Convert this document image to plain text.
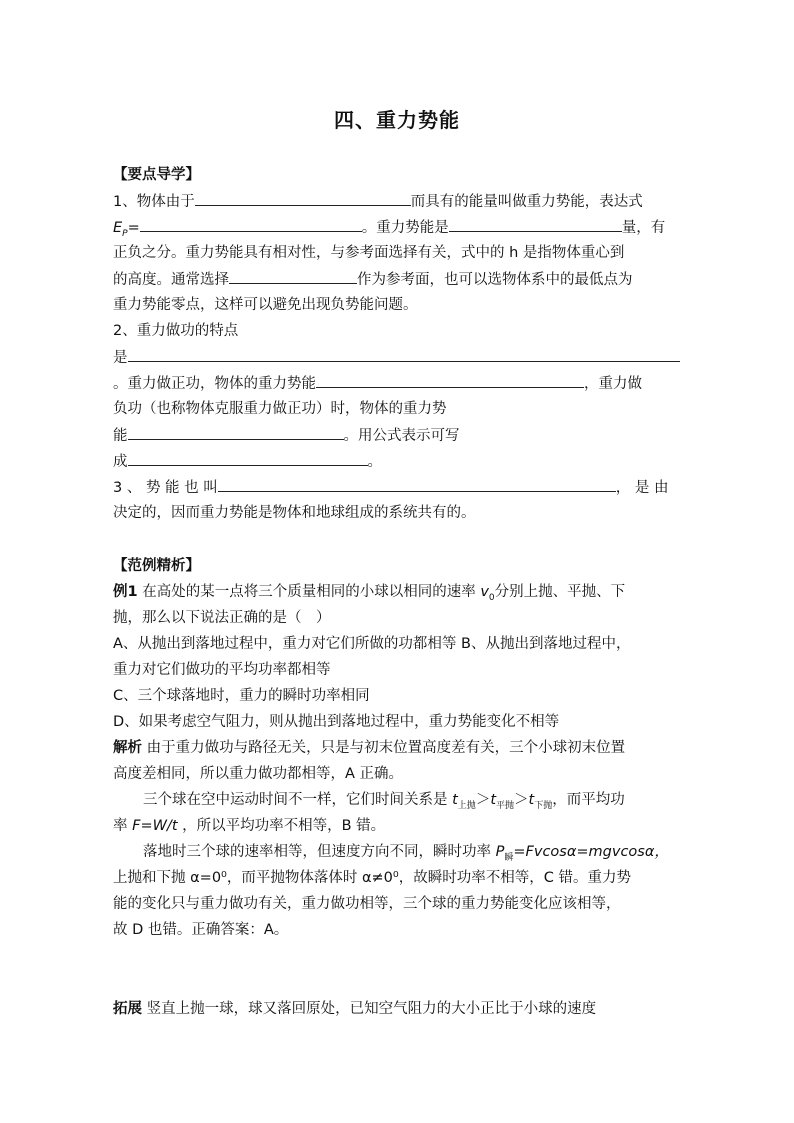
四、重力势能
【要点导学】
1、物体由于	而具有的能量叫做重力势能，表达式
$E_P=$	。重力势能是	量，有
正负之分。重力势能具有相对性，与参考面选择有关，式中的 h 是指物体重心到
的高度。通常选择	作为参考面，也可以选物体系中的最低点为
重力势能零点，这样可以避免出现负势能问题。
2、重力做功的特点
是
。重力做正功，物体的重力势能	，重力做
负功（也称物体克服重力做正功）时，物体的重力势
能	。用公式表示可写
成	。
3 、 势 能 也 叫	， 是 由
决定的，因而重力势能是物体和地球组成的系统共有的。
【范例精析】
例1 在高处的某一点将三个质量相同的小球以相同的速率 $v_0$分别上抛、平抛、下
抛，那么以下说法正确的是（　）
A、从抛出到落地过程中，重力对它们所做的功都相等 B、从抛出到落地过程中，
重力对它们做功的平均功率都相等
C、三个球落地时，重力的瞬时功率相同
D、如果考虑空气阻力，则从抛出到落地过程中，重力势能变化不相等
解析 由于重力做功与路径无关，只是与初末位置高度差有关，三个小球初末位置
高度差相同，所以重力做功都相等，A 正确。
三个球在空中运动时间不一样，它们时间关系是 $t_{上抛}>t_{平抛}>t_{下抛}$，而平均功
率 F=W/t ，所以平均功率不相等，B 错。
落地时三个球的速率相等，但速度方向不同，瞬时功率 $P_瞬=Fvcos\alpha=mgvcos\alpha$，
上抛和下抛 α=0⁰，而平抛物体落体时 α≠0⁰，故瞬时功率不相等，C 错。重力势
能的变化只与重力做功有关，重力做功相等，三个球的重力势能变化应该相等，
故 D 也错。正确答案：A。
拓展 竖直上抛一球，球又落回原处，已知空气阻力的大小正比于小球的速度
